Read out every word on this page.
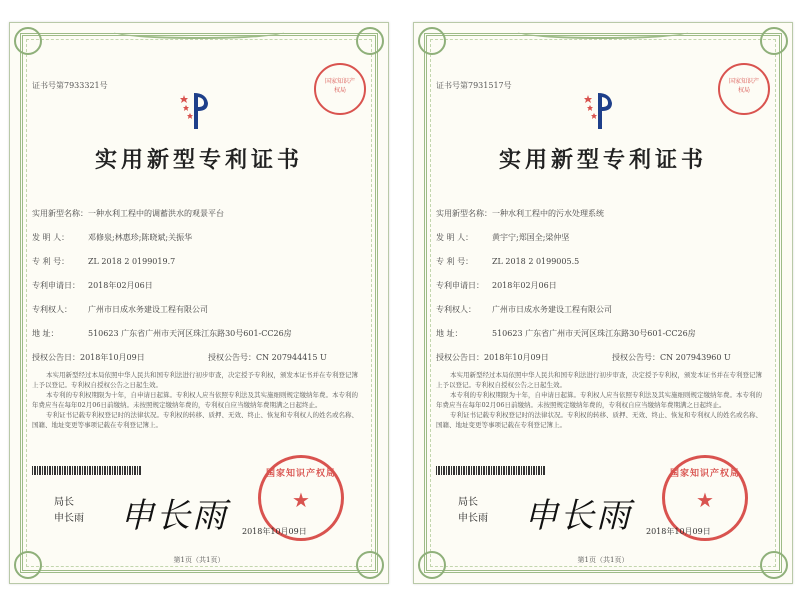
证书号第7933321号	国家知识产权局
实用新型专利证书
实用新型名称：一种水利工程中的调蓄洪水的观景平台
发 明 人： 邓修泉;林惠珍;陈晓斌;关振华
专 利 号： ZL 2018 2 0199019.7
专利申请日： 2018年02月06日
专利权人： 广州市日成水务建设工程有限公司
地 址：	510623 广东省广州市天河区珠江东路30号601-CC26房
授权公告日：2018年10月09日	授权公告号：CN 207944415 U

本实用新型经过本局依照中华人民共和国专利法进行初步审查，决定授予专利权，颁发本证书并在专利登记簿上予以登记。专利权自授权公告之日起生效。

本专利的专利权期限为十年，自申请日起算。专利权人应当依照专利法及其实施细则规定缴纳年费。本专利的年费应当在每年02月06日前缴纳。未按照规定缴纳年费的，专利权自应当缴纳年费期满之日起终止。

专利证书记载专利权登记时的法律状况。专利权的转移、质押、无效、终止、恢复和专利权人的姓名或名称、国籍、地址变更等事项记载在专利登记簿上。

局长
申长雨 申长雨
国家知识产权局
★
2018年10月09日
第1页（共1页）
证书号第7931517号	国家知识产权局
实用新型专利证书
实用新型名称：一种水利工程中的污水处理系统
发 明 人： 黄宇宁;郑国全;梁仲坚
专 利 号： ZL 2018 2 0199005.5
专利申请日： 2018年02月06日
专利权人： 广州市日成水务建设工程有限公司
地 址：	510623 广东省广州市天河区珠江东路30号601-CC26房
授权公告日：2018年10月09日	授权公告号：CN 207943960 U

本实用新型经过本局依照中华人民共和国专利法进行初步审查，决定授予专利权，颁发本证书并在专利登记簿上予以登记。专利权自授权公告之日起生效。

本专利的专利权期限为十年，自申请日起算。专利权人应当依照专利法及其实施细则规定缴纳年费。本专利的年费应当在每年02月06日前缴纳。未按照规定缴纳年费的，专利权自应当缴纳年费期满之日起终止。

专利证书记载专利权登记时的法律状况。专利权的转移、质押、无效、终止、恢复和专利权人的姓名或名称、国籍、地址变更等事项记载在专利登记簿上。

局长
申长雨 申长雨
国家知识产权局
★
2018年10月09日
第1页（共1页）
